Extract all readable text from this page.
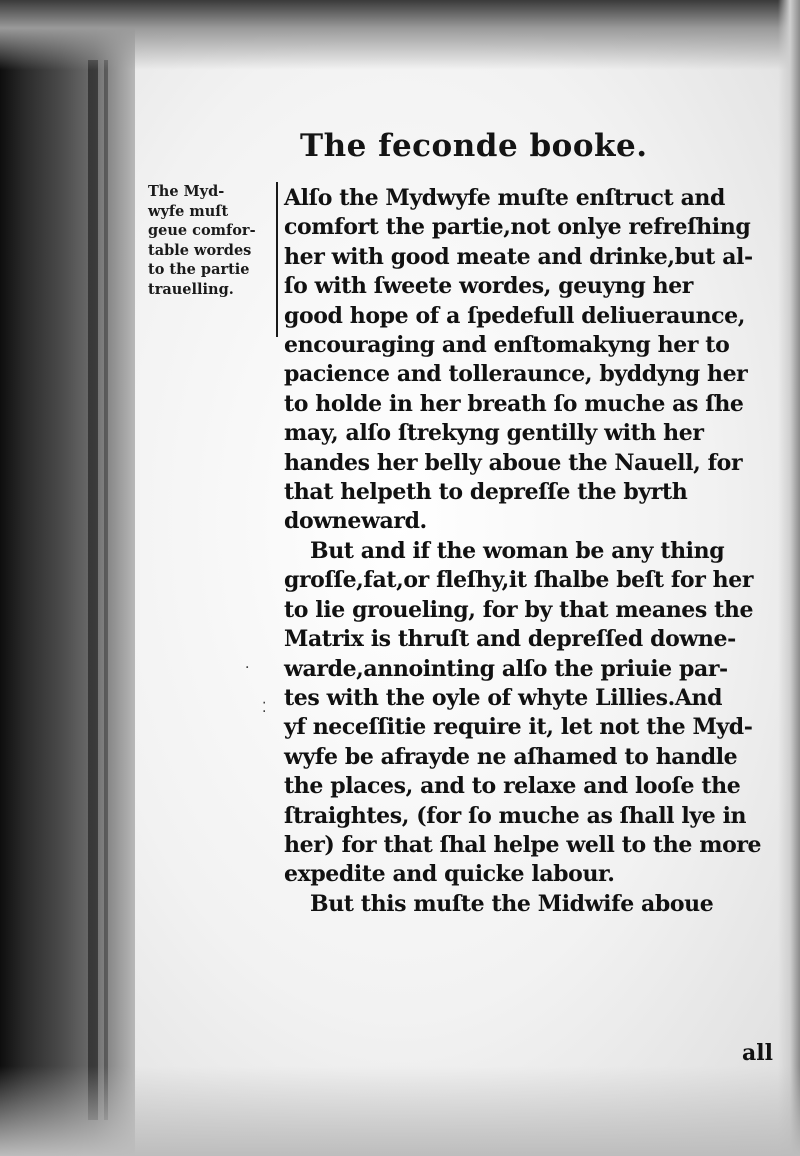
The feconde booke.
The Myd-
wyfe muſt
geue comfor-
table wordes
to the partie
trauelling.
Alſo the Mydwyfe muſte enſtruct and
comfort the partie,not onlye refreſhing
her with good meate and drinke,but al-
ſo with ſweete wordes, geuyng her
good hope of a ſpedefull deliueraunce,
encouraging and enſtomakyng her to
pacience and tolleraunce, byddyng her
to holde in her breath ſo muche as ſhe
may, alſo ſtrekyng gentilly with her
handes her belly aboue the Nauell, for
that helpeth to depreſſe the byrth
downeward.
But and if the woman be any thing
groſſe,fat,or fleſhy,it ſhalbe beſt for her
to lie groueling, for by that meanes the
Matrix is thruſt and depreſſed downe-
warde,annointing alſo the priuie par-
tes with the oyle of whyte Lillies.And
yf neceſſitie require it, let not the Myd-
wyfe be afrayde ne aſhamed to handle
the places, and to relaxe and looſe the
ſtraightes, (for ſo muche as ſhall lye in
her) for that ſhal helpe well to the more
expedite and quicke labour.
But this muſte the Midwife aboue
all
⁚
·
